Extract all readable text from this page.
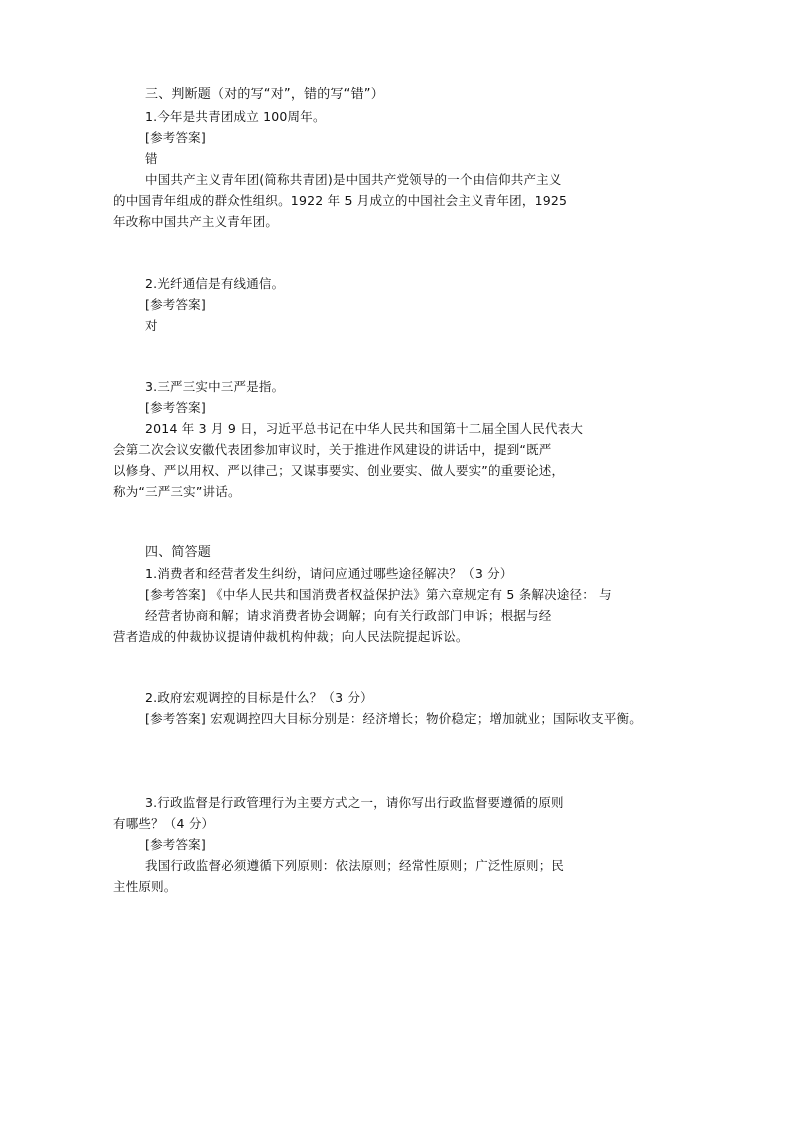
三、判断题（对的写“对”，错的写“错”）
1.今年是共青团成立 100周年。
[参考答案]
错
中国共产主义青年团(简称共青团)是中国共产党领导的一个由信仰共产主义
的中国青年组成的群众性组织。1922 年 5 月成立的中国社会主义青年团，1925
年改称中国共产主义青年团。
2.光纤通信是有线通信。
[参考答案]
对
3.三严三实中三严是指。
[参考答案]
2014 年 3 月 9 日，习近平总书记在中华人民共和国第十二届全国人民代表大
会第二次会议安徽代表团参加审议时，关于推进作风建设的讲话中，提到“既严
以修身、严以用权、严以律己；又谋事要实、创业要实、做人要实”的重要论述，
称为“三严三实”讲话。
四、简答题
1.消费者和经营者发生纠纷，请问应通过哪些途径解决？（3 分）
[参考答案] 《中华人民共和国消费者权益保护法》第六章规定有 5 条解决途径： 与
经营者协商和解；请求消费者协会调解；向有关行政部门申诉；根据与经
营者造成的仲裁协议提请仲裁机构仲裁；向人民法院提起诉讼。
2.政府宏观调控的目标是什么？（3 分）
[参考答案] 宏观调控四大目标分别是：经济增长；物价稳定；增加就业；国际收支平衡。
3.行政监督是行政管理行为主要方式之一，请你写出行政监督要遵循的原则
有哪些？（4 分）
[参考答案]
我国行政监督必须遵循下列原则：依法原则；经常性原则；广泛性原则；民
主性原则。
